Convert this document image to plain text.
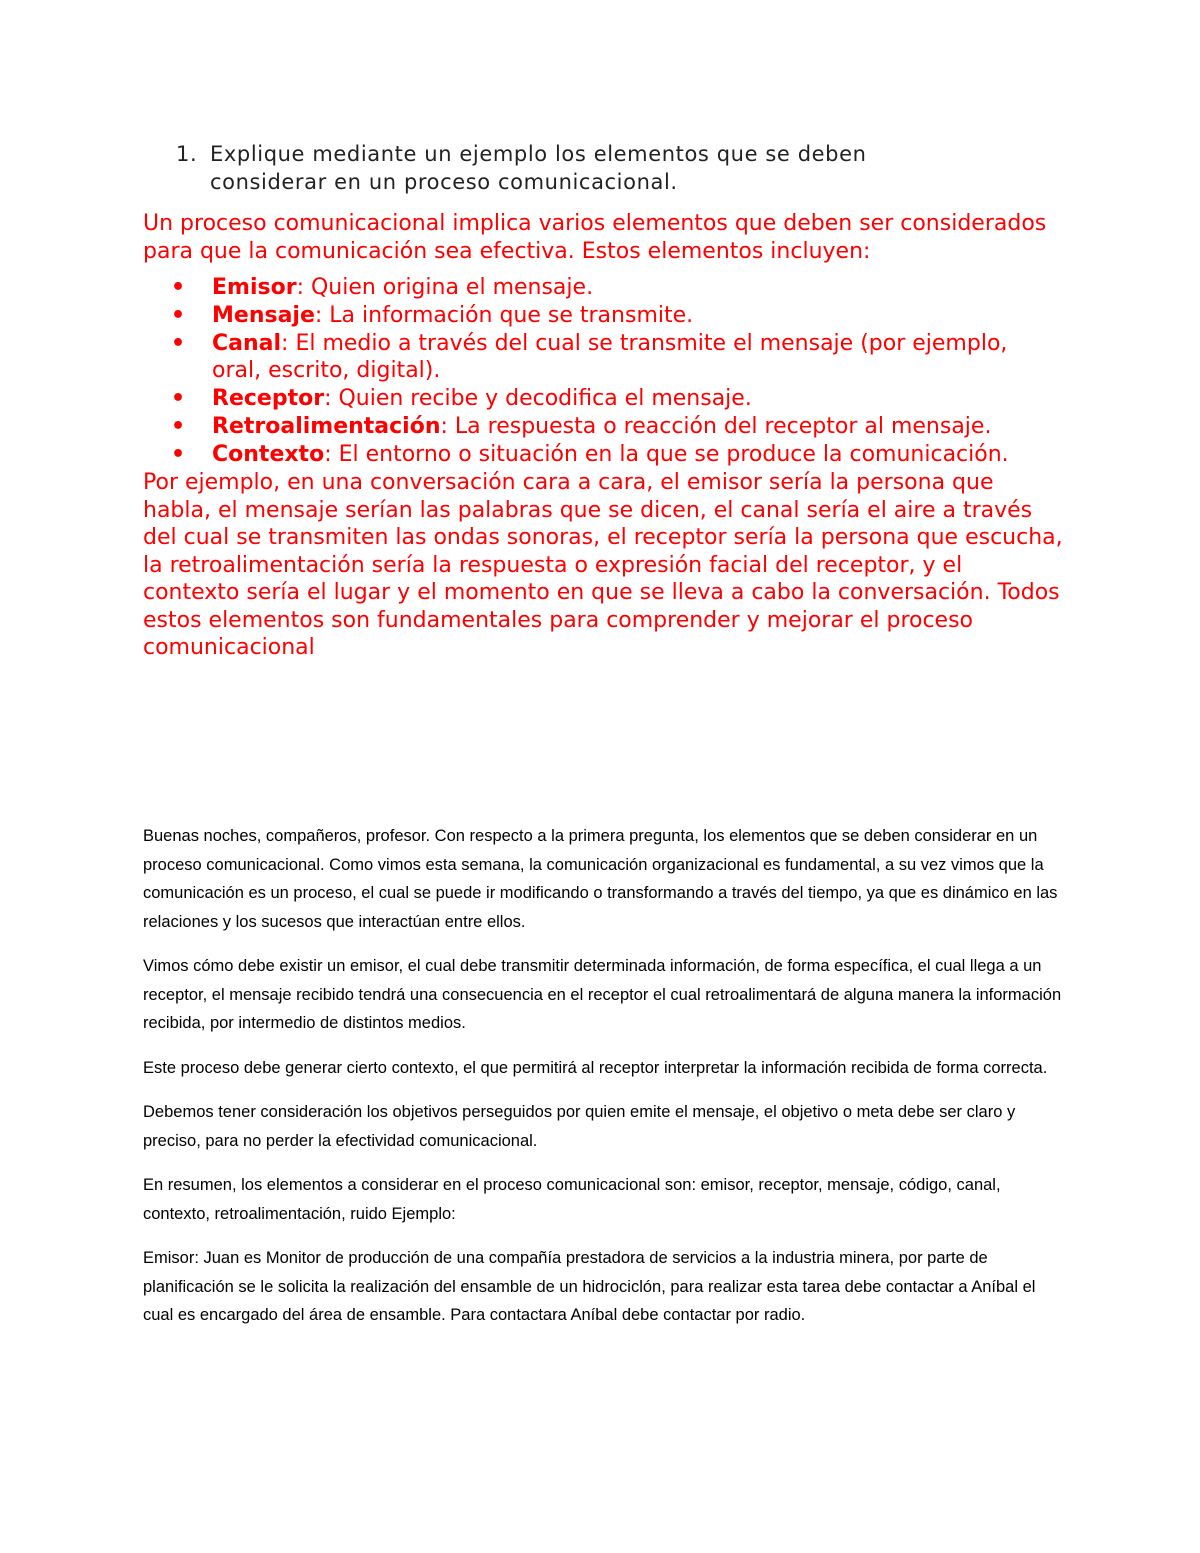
1. Explique mediante un ejemplo los elementos que se deben
considerar en un proceso comunicacional.

Un proceso comunicacional implica varios elementos que deben ser considerados para que la comunicación sea efectiva. Estos elementos incluyen:

• Emisor: Quien origina el mensaje.
• Mensaje: La información que se transmite.
• Canal: El medio a través del cual se transmite el mensaje (por ejemplo, oral, escrito, digital).
• Receptor: Quien recibe y decodifica el mensaje.
• Retroalimentación: La respuesta o reacción del receptor al mensaje.
• Contexto: El entorno o situación en la que se produce la comunicación.

Por ejemplo, en una conversación cara a cara, el emisor sería la persona que habla, el mensaje serían las palabras que se dicen, el canal sería el aire a través del cual se transmiten las ondas sonoras, el receptor sería la persona que escucha, la retroalimentación sería la respuesta o expresión facial del receptor, y el contexto sería el lugar y el momento en que se lleva a cabo la conversación. Todos estos elementos son fundamentales para comprender y mejorar el proceso comunicacional

Buenas noches, compañeros, profesor. Con respecto a la primera pregunta, los elementos que se deben considerar en un proceso comunicacional. Como vimos esta semana, la comunicación organizacional es fundamental, a su vez vimos que la comunicación es un proceso, el cual se puede ir modificando o transformando a través del tiempo, ya que es dinámico en las relaciones y los sucesos que interactúan entre ellos.

Vimos cómo debe existir un emisor, el cual debe transmitir determinada información, de forma específica, el cual llega a un receptor, el mensaje recibido tendrá una consecuencia en el receptor el cual retroalimentará de alguna manera la información recibida, por intermedio de distintos medios.

Este proceso debe generar cierto contexto, el que permitirá al receptor interpretar la información recibida de forma correcta.

Debemos tener consideración los objetivos perseguidos por quien emite el mensaje, el objetivo o meta debe ser claro y preciso, para no perder la efectividad comunicacional.

En resumen, los elementos a considerar en el proceso comunicacional son: emisor, receptor, mensaje, código, canal, contexto, retroalimentación, ruido Ejemplo:

Emisor: Juan es Monitor de producción de una compañía prestadora de servicios a la industria minera, por parte de planificación se le solicita la realización del ensamble de un hidrociclón, para realizar esta tarea debe contactar a Aníbal el cual es encargado del área de ensamble. Para contactara Aníbal debe contactar por radio.
